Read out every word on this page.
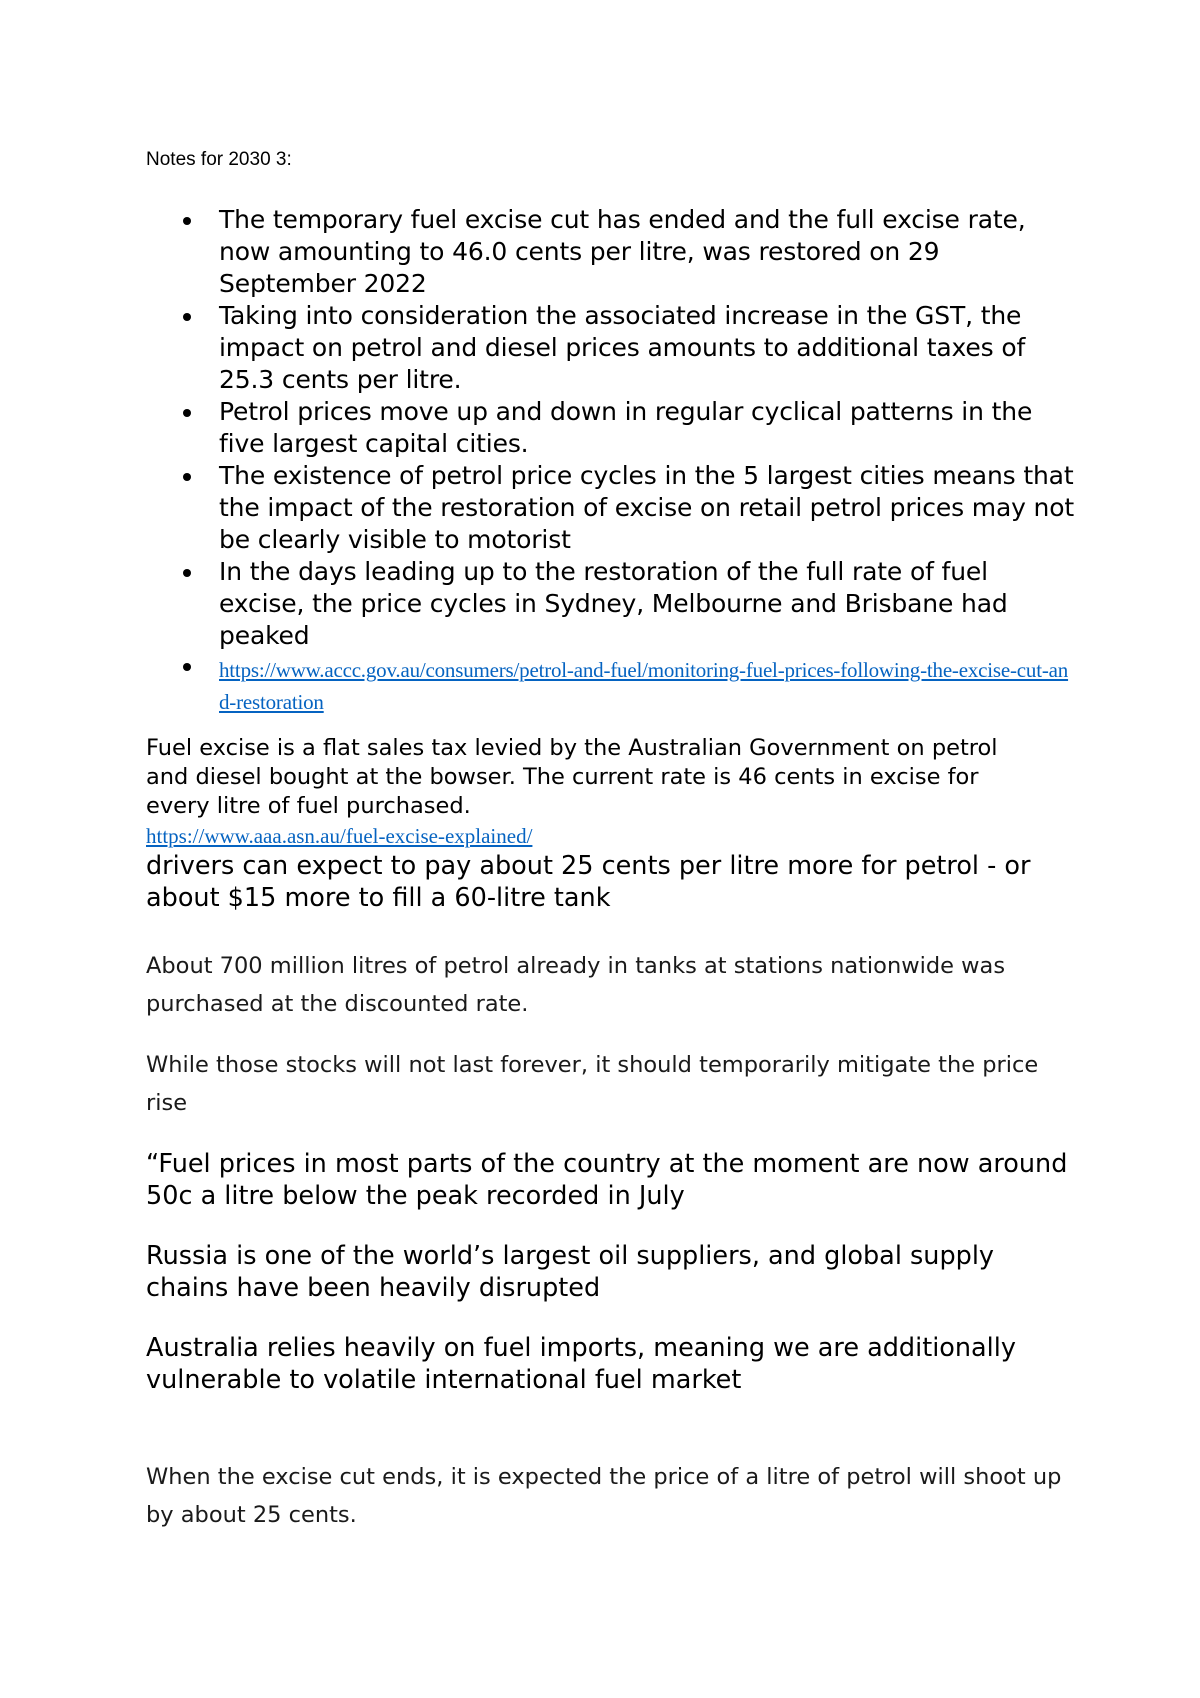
Notes for 2030 3:

The temporary fuel excise cut has ended and the full excise rate, now amounting to 46.0 cents per litre, was restored on 29 September 2022
Taking into consideration the associated increase in the GST, the impact on petrol and diesel prices amounts to additional taxes of 25.3 cents per litre.
Petrol prices move up and down in regular cyclical patterns in the five largest capital cities.
The existence of petrol price cycles in the 5 largest cities means that the impact of the restoration of excise on retail petrol prices may not be clearly visible to motorist
In the days leading up to the restoration of the full rate of fuel excise, the price cycles in Sydney, Melbourne and Brisbane had peaked
https://www.accc.gov.au/consumers/petrol-and-fuel/monitoring-fuel-prices-following-the-excise-cut-and-restoration

Fuel excise is a flat sales tax levied by the Australian Government on petrol and diesel bought at the bowser. The current rate is 46 cents in excise for every litre of fuel purchased.

https://www.aaa.asn.au/fuel-excise-explained/

drivers can expect to pay about 25 cents per litre more for petrol - or about $15 more to fill a 60-litre tank

About 700 million litres of petrol already in tanks at stations nationwide was purchased at the discounted rate.

While those stocks will not last forever, it should temporarily mitigate the price rise

“Fuel prices in most parts of the country at the moment are now around 50c a litre below the peak recorded in July

Russia is one of the world’s largest oil suppliers, and global supply chains have been heavily disrupted

Australia relies heavily on fuel imports, meaning we are additionally vulnerable to volatile international fuel market

When the excise cut ends, it is expected the price of a litre of petrol will shoot up by about 25 cents.
